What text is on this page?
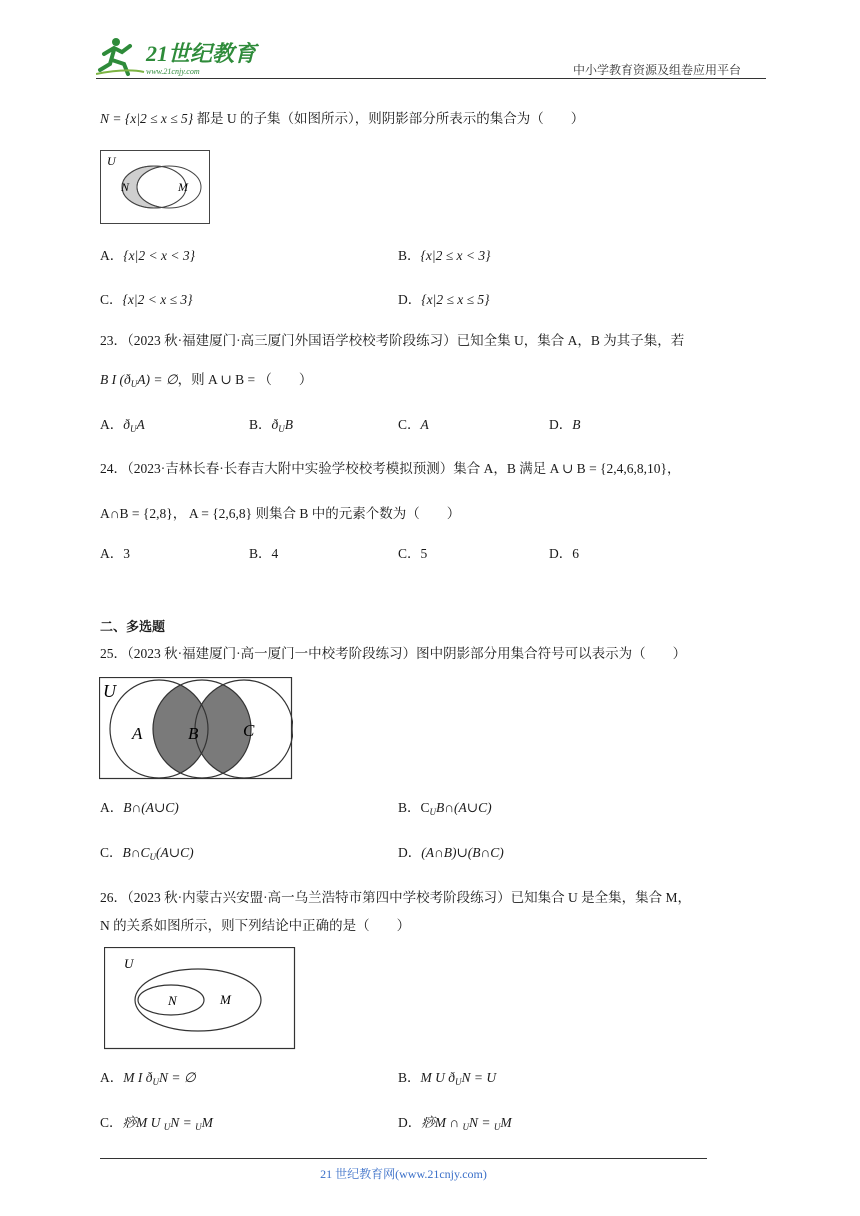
21世纪教育
www.21cnjy.com	中小学教育资源及组卷应用平台
N = {x|2 ≤ x ≤ 5} 都是 U 的子集（如图所示），则阴影部分所表示的集合为（　　）
U
N	M
A．{x|2 < x < 3}	B．{x|2 ≤ x < 3}
C．{x|2 < x ≤ 3}	D．{x|2 ≤ x ≤ 5}
23．（2023 秋·福建厦门·高三厦门外国语学校校考阶段练习）已知全集 U，集合 A，B 为其子集，若
B I $(ð_UA)$ = ∅，则 A ∪ B = （　　）
A．$ð_UA$	B．$ð_UB$	C．A	D．B
24．（2023·吉林长春·长春吉大附中实验学校校考模拟预测）集合 A，B 满足 A ∪ B = {2,4,6,8,10}，
A∩B = {2,8}， A = {2,6,8} 则集合 B 中的元素个数为（　　）
A．3	B．4	C．5	D．6
二、多选题
25．（2023 秋·福建厦门·高一厦门一中校考阶段练习）图中阴影部分用集合符号可以表示为（　　）
U
A	B	C
A．B∩(A∪C)	B．$C_UB\cap(A\cup C)$
C．$B\cap C_U(A\cup C)$	D．(A∩B)∪(B∩C)
26．（2023 秋·内蒙古兴安盟·高一乌兰浩特市第四中学校考阶段练习）已知集合 U 是全集，集合 M，
N 的关系如图所示，则下列结论中正确的是（　　）
U
N	M
A．M I $ð_UN$ = ∅	B．M U $ð_UN = U$
C．痧M U $_U$N = $_U$M	D．痧M ∩ $_U$N = $_U$M
21 世纪教育网(www.21cnjy.com)
